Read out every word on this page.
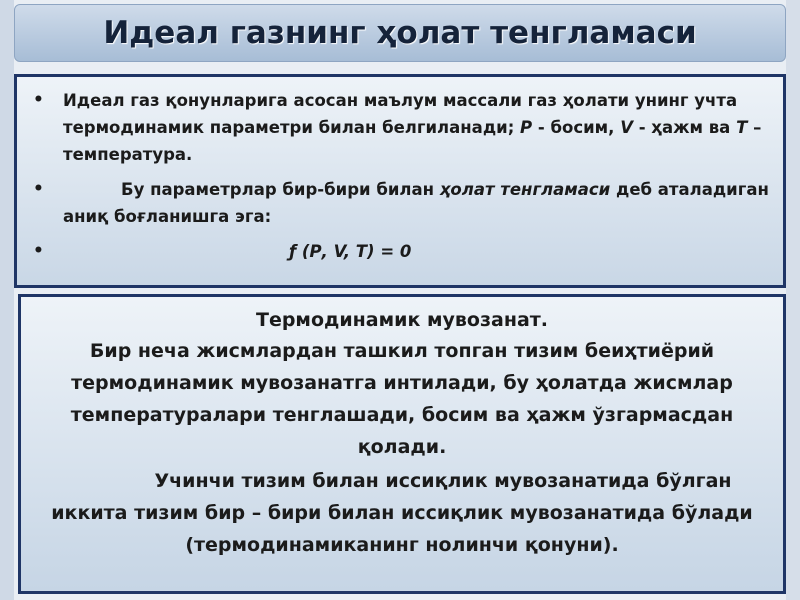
Идеал газнинг ҳолат тенгламаси
• Идеал газ қонунларига асосан маълум массали газ ҳолати унинг учта термодинамик параметри билан белгиланади; Р - босим, V - ҳажм ва Т – температура.
•	Бу параметрлар бир-бири билан ҳолат тенгламаси деб аталадиган аниқ боғланишга эга:
•	ƒ (Р, V, Т) = 0
Термодинамик мувозанат.
Бир неча жисмлардан ташкил топган тизим беиҳтиёрий термодинамик мувозанатга интилади, бу ҳолатда жисмлар температуралари тенглашади, босим ва ҳажм ўзгармасдан қолади.
Учинчи тизим билан иссиқлик мувозанатида бўлган иккита тизим бир – бири билан иссиқлик мувозанатида бўлади (термодинамиканинг нолинчи қонуни).
